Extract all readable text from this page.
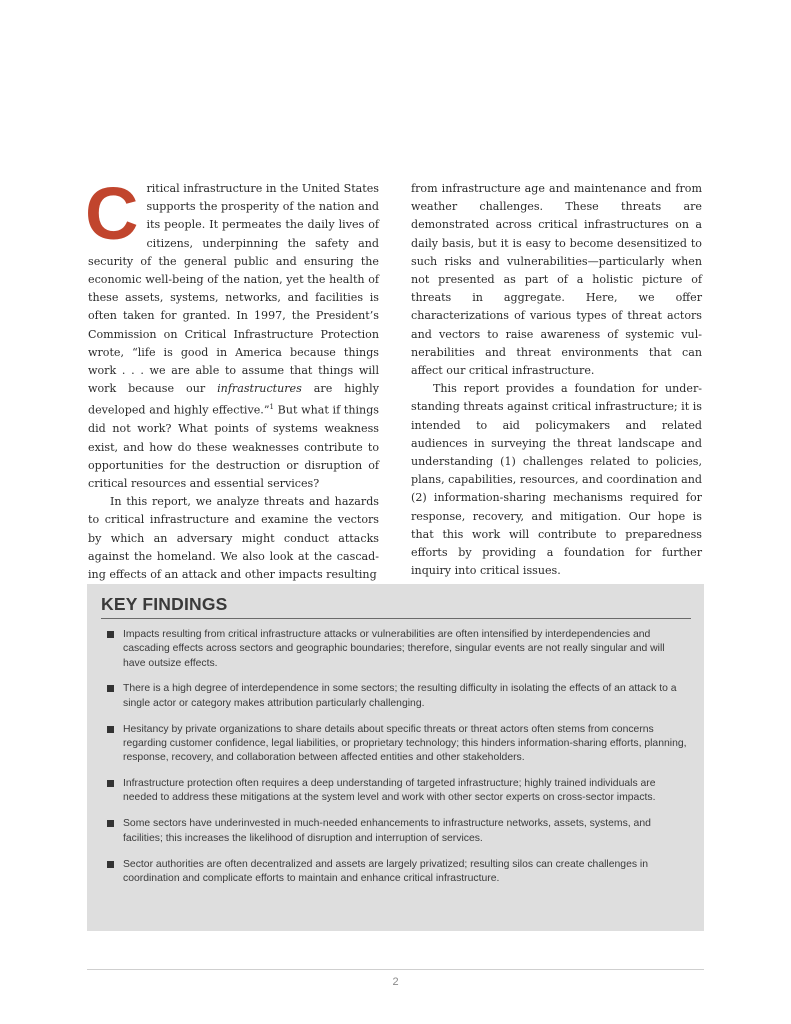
Critical infrastructure in the United States supports the prosperity of the nation and its people. It permeates the daily lives of citizens, underpinning the safety and security of the general public and ensuring the economic well-being of the nation, yet the health of these assets, systems, networks, and facilities is often taken for granted. In 1997, the President’s Commission on Critical Infrastructure Protection wrote, “life is good in America because things work . . . we are able to assume that things will work because our infrastructures are highly developed and highly effective.”$^1$ But what if things did not work? What points of systems weakness exist, and how do these weaknesses contribute to opportunities for the destruction or disruption of critical resources and essential services?

In this report, we analyze threats and hazards to critical infrastructure and examine the vectors by which an adversary might conduct attacks against the homeland. We also look at the cascading effects of an attack and other impacts resulting

from infrastructure age and maintenance and from weather challenges. These threats are demonstrated across critical infrastructures on a daily basis, but it is easy to become desensitized to such risks and vulnerabilities—particularly when not presented as part of a holistic picture of threats in aggregate. Here, we offer characterizations of various types of threat actors and vectors to raise awareness of systemic vulnerabilities and threat environments that can affect our critical infrastructure.

This report provides a foundation for understanding threats against critical infrastructure; it is intended to aid policymakers and related audiences in surveying the threat landscape and understanding (1) challenges related to policies, plans, capabilities, resources, and coordination and (2) information-sharing mechanisms required for response, recovery, and mitigation. Our hope is that this work will contribute to preparedness efforts by providing a foundation for further inquiry into critical issues.

KEY FINDINGS
Impacts resulting from critical infrastructure attacks or vulnerabilities are often intensified by interdependencies and cascading effects across sectors and geographic boundaries; therefore, singular events are not really singular and will have outsize effects.
There is a high degree of interdependence in some sectors; the resulting difficulty in isolating the effects of an attack to a single actor or category makes attribution particularly challenging.
Hesitancy by private organizations to share details about specific threats or threat actors often stems from concerns regarding customer confidence, legal liabilities, or proprietary technology; this hinders information-sharing efforts, planning, response, recovery, and collaboration between affected entities and other stakeholders.
Infrastructure protection often requires a deep understanding of targeted infrastructure; highly trained individuals are needed to address these mitigations at the system level and work with other sector experts on cross-sector impacts.
Some sectors have underinvested in much-needed enhancements to infrastructure networks, assets, systems, and facilities; this increases the likelihood of disruption and interruption of services.
Sector authorities are often decentralized and assets are largely privatized; resulting silos can create challenges in coordination and complicate efforts to maintain and enhance critical infrastructure.
2
